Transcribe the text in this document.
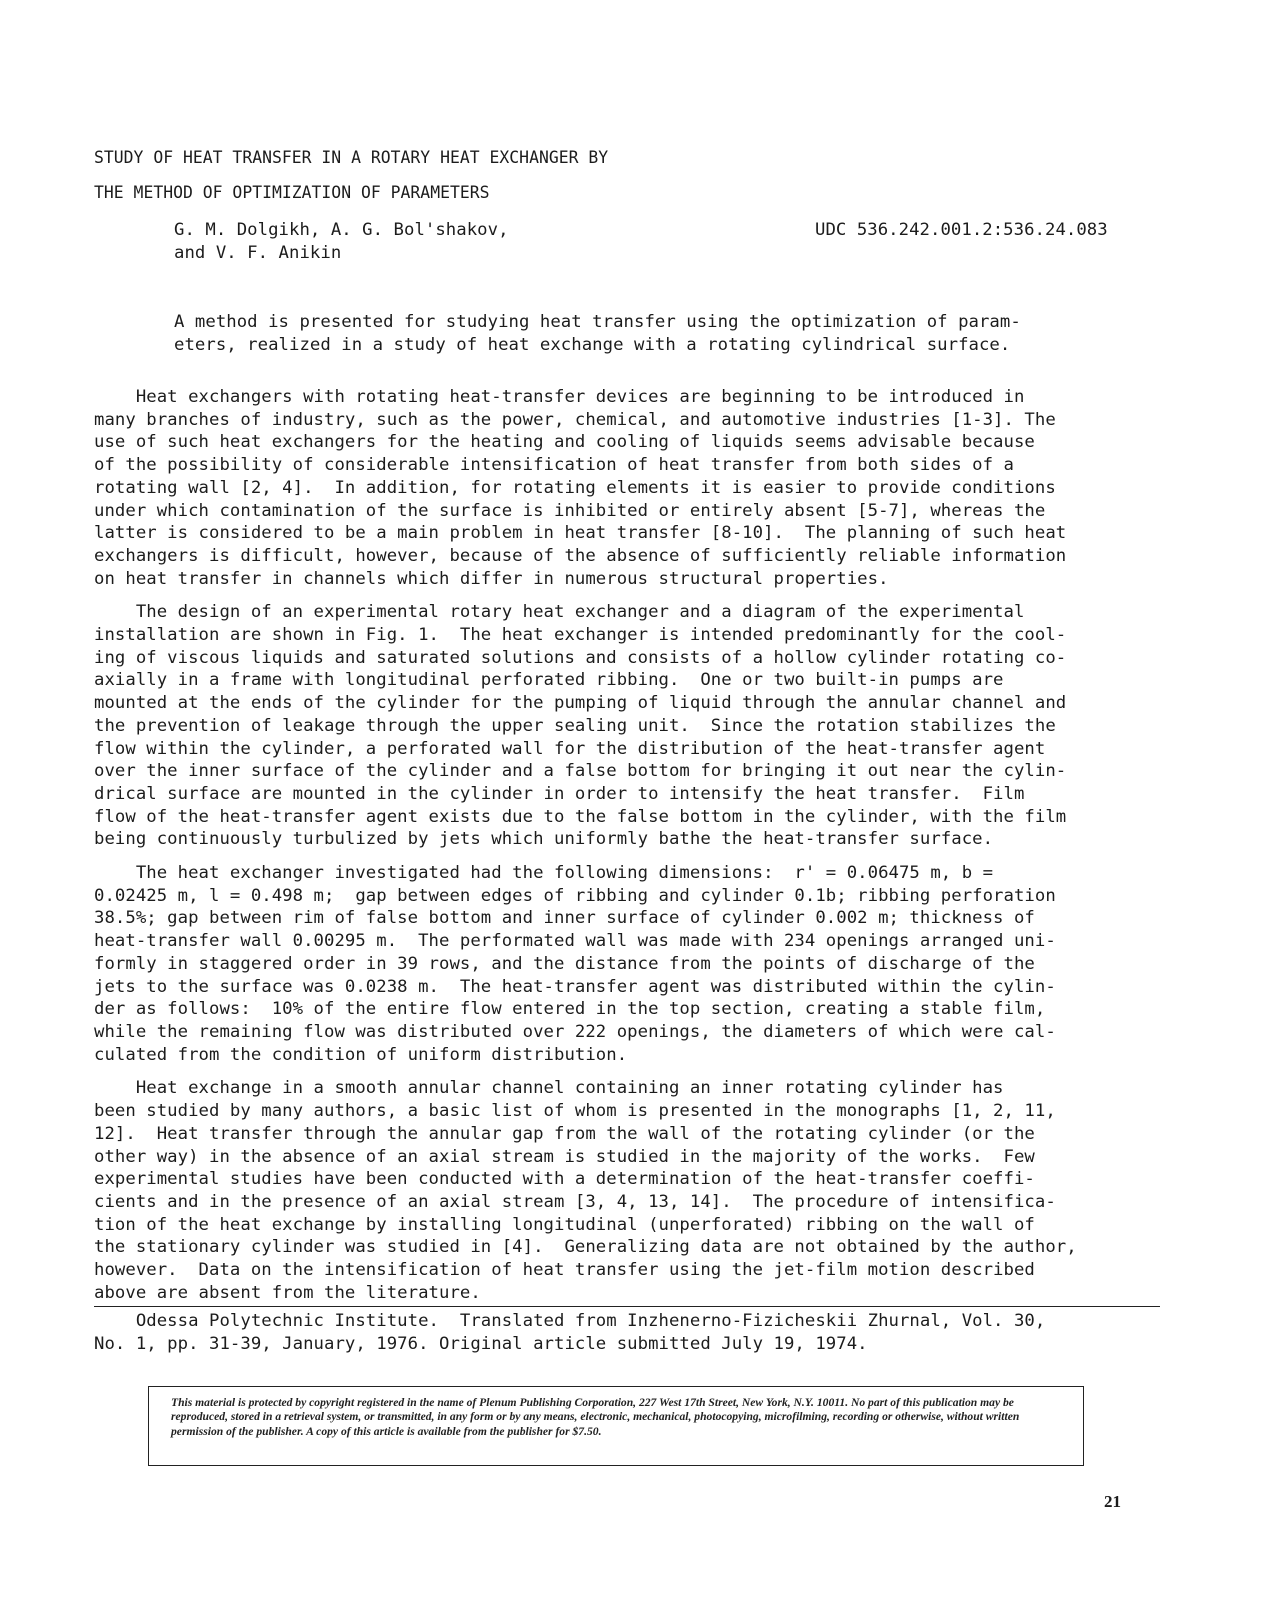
STUDY OF HEAT TRANSFER IN A ROTARY HEAT EXCHANGER BY
THE METHOD OF OPTIMIZATION OF PARAMETERS
G. M. Dolgikh, A. G. Bol'shakov,
and V. F. Anikin
UDC 536.242.001.2:536.24.083
A method is presented for studying heat transfer using the optimization of param-
eters, realized in a study of heat exchange with a rotating cylindrical surface.
Heat exchangers with rotating heat-transfer devices are beginning to be introduced in
many branches of industry, such as the power, chemical, and automotive industries [1-3]. The
use of such heat exchangers for the heating and cooling of liquids seems advisable because
of the possibility of considerable intensification of heat transfer from both sides of a
rotating wall [2, 4].  In addition, for rotating elements it is easier to provide conditions
under which contamination of the surface is inhibited or entirely absent [5-7], whereas the
latter is considered to be a main problem in heat transfer [8-10].  The planning of such heat
exchangers is difficult, however, because of the absence of sufficiently reliable information
on heat transfer in channels which differ in numerous structural properties.
The design of an experimental rotary heat exchanger and a diagram of the experimental
installation are shown in Fig. 1.  The heat exchanger is intended predominantly for the cool-
ing of viscous liquids and saturated solutions and consists of a hollow cylinder rotating co-
axially in a frame with longitudinal perforated ribbing.  One or two built-in pumps are
mounted at the ends of the cylinder for the pumping of liquid through the annular channel and
the prevention of leakage through the upper sealing unit.  Since the rotation stabilizes the
flow within the cylinder, a perforated wall for the distribution of the heat-transfer agent
over the inner surface of the cylinder and a false bottom for bringing it out near the cylin-
drical surface are mounted in the cylinder in order to intensify the heat transfer.  Film
flow of the heat-transfer agent exists due to the false bottom in the cylinder, with the film
being continuously turbulized by jets which uniformly bathe the heat-transfer surface.
The heat exchanger investigated had the following dimensions:  r' = 0.06475 m, b =
0.02425 m, l = 0.498 m;  gap between edges of ribbing and cylinder 0.1b; ribbing perforation
38.5%; gap between rim of false bottom and inner surface of cylinder 0.002 m; thickness of
heat-transfer wall 0.00295 m.  The performated wall was made with 234 openings arranged uni-
formly in staggered order in 39 rows, and the distance from the points of discharge of the
jets to the surface was 0.0238 m.  The heat-transfer agent was distributed within the cylin-
der as follows:  10% of the entire flow entered in the top section, creating a stable film,
while the remaining flow was distributed over 222 openings, the diameters of which were cal-
culated from the condition of uniform distribution.
Heat exchange in a smooth annular channel containing an inner rotating cylinder has
been studied by many authors, a basic list of whom is presented in the monographs [1, 2, 11,
12].  Heat transfer through the annular gap from the wall of the rotating cylinder (or the
other way) in the absence of an axial stream is studied in the majority of the works.  Few
experimental studies have been conducted with a determination of the heat-transfer coeffi-
cients and in the presence of an axial stream [3, 4, 13, 14].  The procedure of intensifica-
tion of the heat exchange by installing longitudinal (unperforated) ribbing on the wall of
the stationary cylinder was studied in [4].  Generalizing data are not obtained by the author,
however.  Data on the intensification of heat transfer using the jet-film motion described
above are absent from the literature.
Odessa Polytechnic Institute.  Translated from Inzhenerno-Fizicheskii Zhurnal, Vol. 30,
No. 1, pp. 31-39, January, 1976. Original article submitted July 19, 1974.
This material is protected by copyright registered in the name of Plenum Publishing Corporation, 227 West 17th Street, New York, N.Y. 10011. No part of this publication may be reproduced, stored in a retrieval system, or transmitted, in any form or by any means, electronic, mechanical, photocopying, microfilming, recording or otherwise, without written permission of the publisher. A copy of this article is available from the publisher for $7.50.
21
